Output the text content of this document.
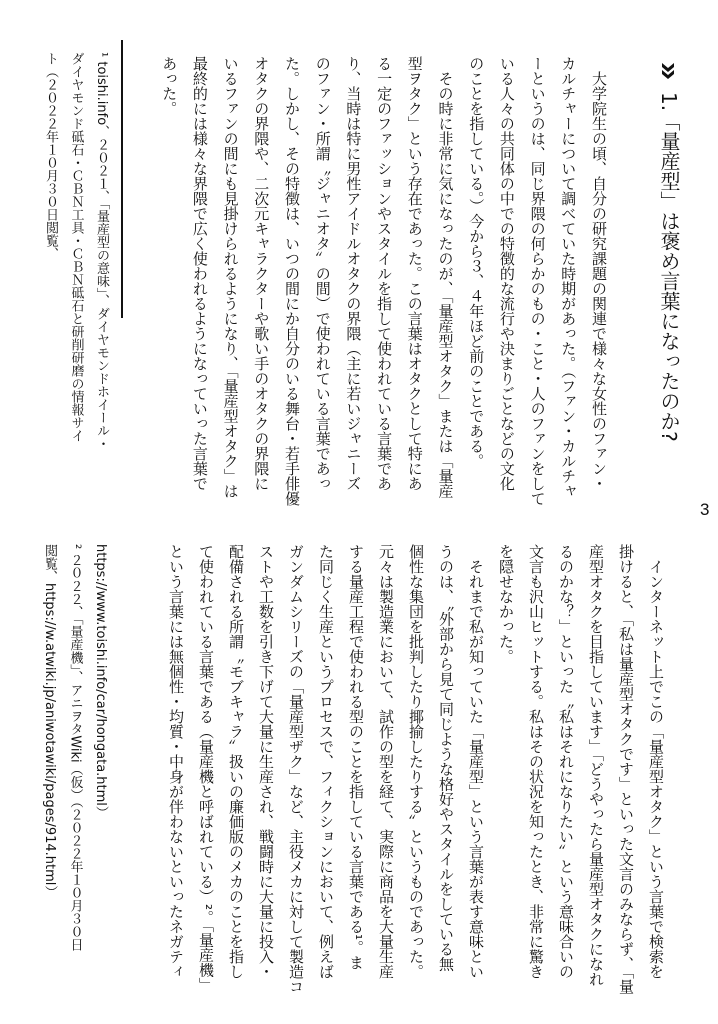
1.「量産型」は褒め言葉になったのか?
3
　大学院生の頃、自分の研究課題の関連で様々な女性のファン・
カルチャーについて調べていた時期があった。（ファン・カルチャ
ーというのは、同じ界隈の何らかのもの・こと・人のファンをして
いる人々の共同体の中での特徴的な流行や決まりごとなどの文化
のことを指している。）今から３、４年ほど前のことである。
　その時に非常に気になったのが、「量産型オタク」または「量産
型ヲタク」という存在であった。この言葉はオタクとして特にあ
る一定のファッションやスタイルを指して使われている言葉であ
り、当時は特に男性アイドルオタクの界隈（主に若いジャニーズ
のファン・所謂〝ジャニオタ〟の間）で使われている言葉であっ
た。しかし、その特徴は、いつの間にか自分のいる舞台・若手俳優
オタクの界隈や、二次元キャラクターや歌い手のオタクの界隈に
いるファンの間にも見掛けられるようになり、「量産型オタク」は
最終的には様々な界隈で広く使われるようになっていった言葉で
あった。
¹ toishi.info、２０２１、「量産型の意味」、ダイヤモンドホイール・
ダイヤモンド砥石・ＣＢＮ工具・ＣＢＮ砥石と研削研磨の情報サイ
ト（２０２２年１０月３０日閲覧、
　インターネット上でこの「量産型オタク」という言葉で検索を
掛けると、「私は量産型オタクです」といった文言のみならず、「量
産型オタクを目指しています」「どうやったら量産型オタクになれ
るのかな？」といった〝私はそれになりたい〟という意味合いの
文言も沢山ヒットする。私はその状況を知ったとき、非常に驚き
を隠せなかった。
　それまで私が知っていた「量産型」という言葉が表す意味とい
うのは、〝外部から見て同じような格好やスタイルをしている無
個性な集団を批判したり揶揄したりする〟というものであった。
元々は製造業において、試作の型を経て、実際に商品を大量生産
する量産工程で使われる型のことを指している言葉である¹。ま
た同じく生産というプロセスで、フィクションにおいて、例えば
ガンダムシリーズの「量産型ザク」など、主役メカに対して製造コ
ストや工数を引き下げて大量に生産され、戦闘時に大量に投入・
配備される所謂〝モブキャラ〟扱いの廉価版のメカのことを指し
て使われている言葉である（量産機と呼ばれている）²。「量産機」
という言葉には無個性・均質・中身が伴わないといったネガティ
https://www.toishi.info/car/hongata.html）
² ２０２２、「量産機」、アニヲタWiki（仮）（２０２２年１０月３０日
閲覧、https://w.atwiki.jp/aniwotawiki/pages/914.html）
